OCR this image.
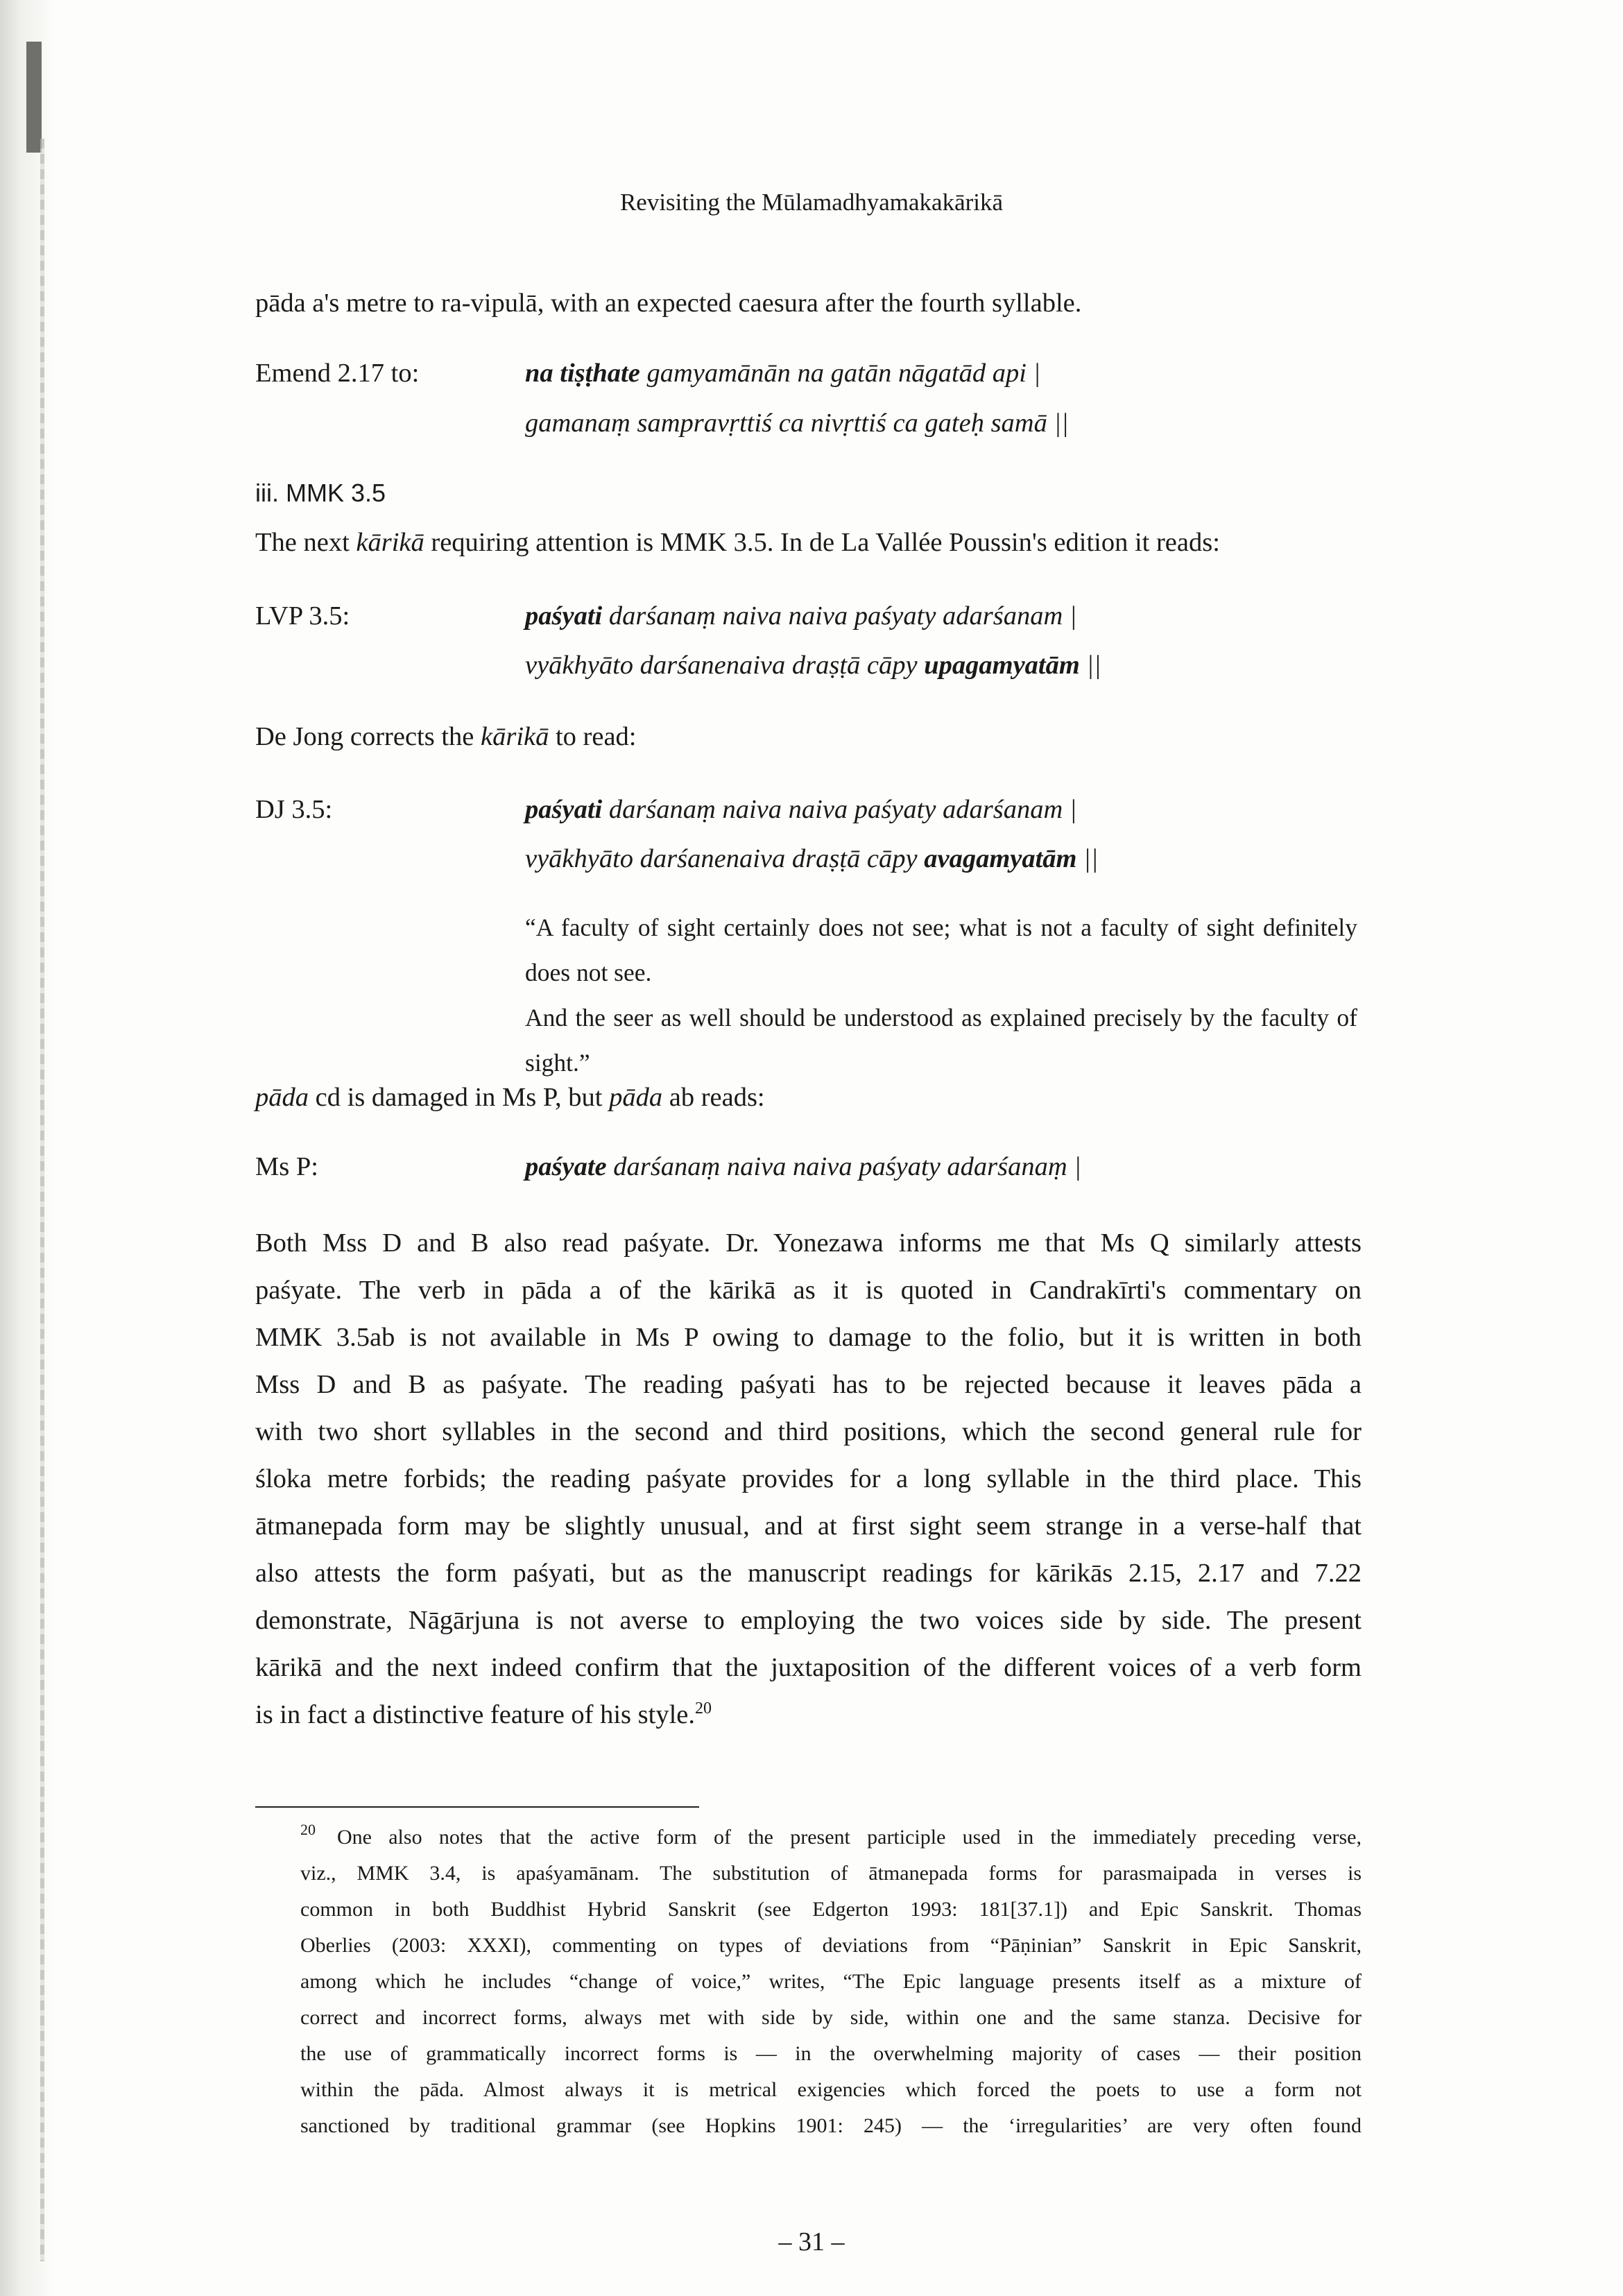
Revisiting the Mūlamadhyamakakārikā
pāda a's metre to ra-vipulā, with an expected caesura after the fourth syllable.
Emend 2.17 to:	na tiṣṭhate gamyamānān na gatān nāgatād api |
gamanaṃ sampravṛttiś ca nivṛttiś ca gateḥ samā ||
iii. MMK 3.5
The next kārikā requiring attention is MMK 3.5. In de La Vallée Poussin's edition it reads:
LVP 3.5:	paśyati darśanaṃ naiva naiva paśyaty adarśanam |
vyākhyāto darśanenaiva draṣṭā cāpy upagamyatām ||
De Jong corrects the kārikā to read:
DJ 3.5:	paśyati darśanaṃ naiva naiva paśyaty adarśanam |
vyākhyāto darśanenaiva draṣṭā cāpy avagamyatām ||
“A faculty of sight certainly does not see; what is not a faculty of sight definitely does not see.
And the seer as well should be understood as explained precisely by the faculty of sight.”
pāda cd is damaged in Ms P, but pāda ab reads:
Ms P:	paśyate darśanaṃ naiva naiva paśyaty adarśanaṃ |
Both Mss D and B also read paśyate. Dr. Yonezawa informs me that Ms Q similarly attests
paśyate. The verb in pāda a of the kārikā as it is quoted in Candrakīrti's commentary on
MMK 3.5ab is not available in Ms P owing to damage to the folio, but it is written in both
Mss D and B as paśyate. The reading paśyati has to be rejected because it leaves pāda a
with two short syllables in the second and third positions, which the second general rule for
śloka metre forbids; the reading paśyate provides for a long syllable in the third place. This
ātmanepada form may be slightly unusual, and at first sight seem strange in a verse-half that
also attests the form paśyati, but as the manuscript readings for kārikās 2.15, 2.17 and 7.22
demonstrate, Nāgārjuna is not averse to employing the two voices side by side. The present
kārikā and the next indeed confirm that the juxtaposition of the different voices of a verb form
is in fact a distinctive feature of his style.$^{20}$
20 One also notes that the active form of the present participle used in the immediately preceding verse,
viz., MMK 3.4, is apaśyamānam. The substitution of ātmanepada forms for parasmaipada in verses is
common in both Buddhist Hybrid Sanskrit (see Edgerton 1993: 181[37.1]) and Epic Sanskrit. Thomas
Oberlies (2003: XXXI), commenting on types of deviations from “Pāṇinian” Sanskrit in Epic Sanskrit,
among which he includes “change of voice,” writes, “The Epic language presents itself as a mixture of
correct and incorrect forms, always met with side by side, within one and the same stanza. Decisive for
the use of grammatically incorrect forms is — in the overwhelming majority of cases — their position
within the pāda. Almost always it is metrical exigencies which forced the poets to use a form not
sanctioned by traditional grammar (see Hopkins 1901: 245) — the ‘irregularities’ are very often found
– 31 –
